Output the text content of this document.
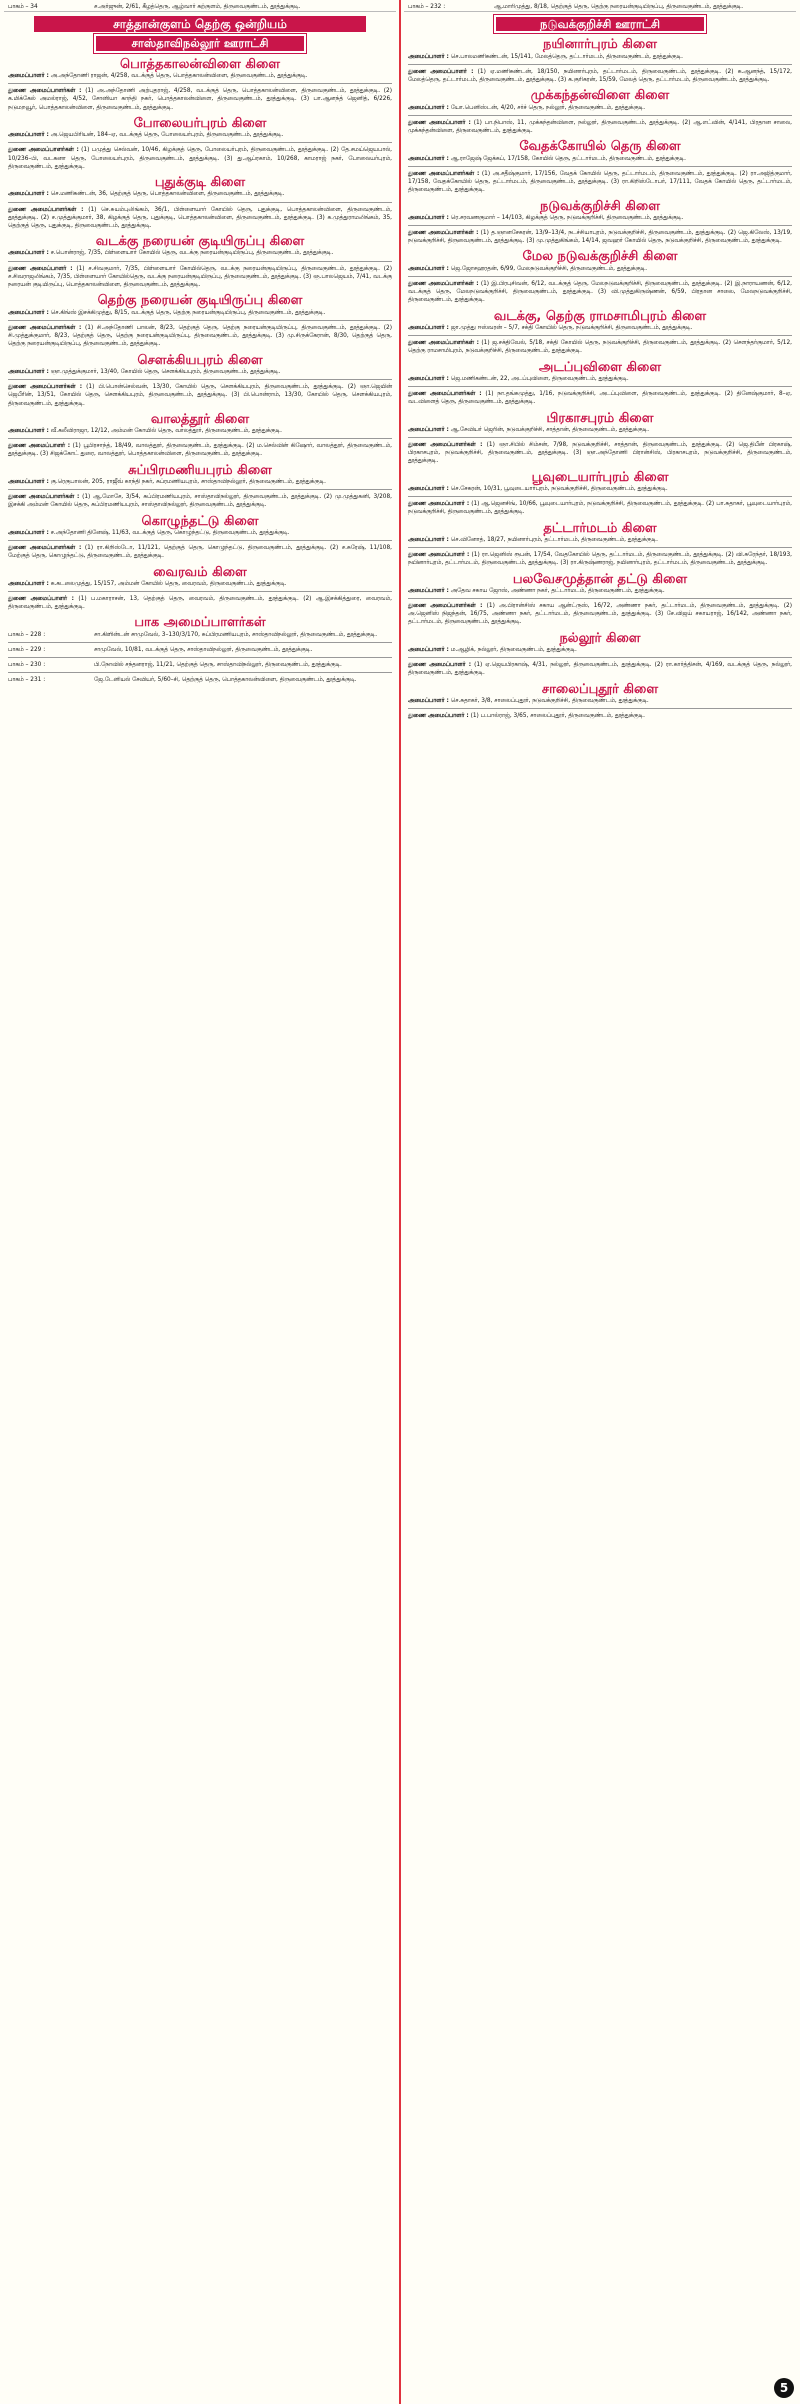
பாகம் – 34	ச.அர்ஜுன், 2/61, கீழத்தெரு, ஆழ்வார் கற்குளம், திருவைகுண்டம், தூத்துக்குடி.
சாத்தான்குளம் தெற்கு ஒன்றியம்
சாஸ்தாவிநல்லூர் ஊராட்சி
பொத்தகாலன்விளை கிளை
அமைப்பாளர் : அ.அந்தோணி ராஜன், 4/258, வடக்குத் தெரு, பொத்தகாலன்விளை, திருவைகுண்டம், தூத்துக்குடி.
துணை அமைப்பாளர்கள் : (1) அ.அந்தோணி அற்புதராஜ், 4/258, வடக்குத் தெரு, பொத்தகாலன்விளை, திருவைகுண்டம், தூத்துக்குடி. (2) க.மிக்கேல் அமல்ராஜ், 4/52, சோனியா காந்தி நகர், பொத்தகாலன்விளை, திருவைகுண்டம், தூத்துக்குடி. (3) பா.ஆனந்த் ஜெனித், 6/226, நடுமறவூர், பொத்தகாலன்விளை, திருவைகுண்டம், தூத்துக்குடி.
போலையர்புரம் கிளை
அமைப்பாளர் : அ.ஜெயபிரியன், 184–ஏ, வடக்குத் தெரு, போலையர்புரம், திருவைகுண்டம், தூத்துக்குடி.
துணை அமைப்பாளர்கள் : (1) பமுத்து செல்வன், 10/46, கிழக்குத் தெரு, போலையர்புரம், திருவைகுண்டம், தூத்துக்குடி. (2) தே.சமய்ஜெயபால், 10/236–பி, வடகனா தெரு, போலையர்புரம், திருவைகுண்டம், தூத்துக்குடி. (3) து.ஆப்ரகாம், 10/268, காமராஜ் நகர், போலையர்புரம், திருவைகுண்டம், தூத்துக்குடி.
புதுக்குடி கிளை
அமைப்பாளர் : செ.மணிகண்டன், 36, தெற்குத் தெரு, பொத்தகாலன்விளை, திருவைகுண்டம், தூத்துக்குடி.
துணை அமைப்பாளர்கள் : (1) செ.சுயம்புலிங்கம், 36/1, பிள்ளையார் கோயில் தெரு, புதுக்குடி, பொத்தகாலன்விளை, திருவைகுண்டம், தூத்துக்குடி. (2) ச.முத்துக்குமார், 38, கிழக்குத் தெரு, புதுக்குடி, பொத்தகாலன்விளை, திருவைகுண்டம், தூத்துக்குடி. (3) க.முத்துராமலிங்கம், 35, தெற்குத் தெரு, புதுக்குடி, திருவைகுண்டம், தூத்துக்குடி.
வடக்கு நரையன் குடியிருப்பு கிளை
அமைப்பாளர் : ச.பொன்ராஜ், 7/35, பிள்ளையார் கோயில் தெரு, வடக்கு நரையன்குடியிருப்பு, திருவைகுண்டம், தூத்துக்குடி.
துணை அமைப்பாளர் : (1) ச.சிவகுமார், 7/35, பிள்ளையார் கோயில்தெரு, வடக்கு நரையன்குடியிருப்பு, திருவைகுண்டம், தூத்துக்குடி. (2) ச.சிவராஜலிங்கம், 7/35, பிள்ளையார் கோயில்தெரு, வடக்கு நரையன்குடியிருப்பு, திருவைகுண்டம், தூத்துக்குடி. (3) ஞ.பாலஜெயம், 7/41, வடக்கு நரையன் குடியிருப்பு, பொத்தகாலன்விளை, திருவைகுண்டம், தூத்துக்குடி.
தெற்கு நரையன் குடியிருப்பு கிளை
அமைப்பாளர் : செ.கிங்ஸ் இசக்கிமுத்து, 8/15, வடக்குத் தெரு, தெற்கு நரையன்குடியிருப்பு, திருவைகுண்டம், தூத்துக்குடி.
துணை அமைப்பாளர்கள் : (1) சி.அந்தோணி பாலன், 8/23, தெற்குத் தெரு, தெற்கு நரையன்குடியிருப்பு, திருவைகுண்டம், தூத்துக்குடி. (2) சி.முத்துக்குமார், 8/23, தெற்குத் தெரு, தெற்கு நரையன்குடியிருப்பு, திருவைகுண்டம், தூத்துக்குடி. (3) மு.சிருக்கேரான், 8/30, தெற்குத் தெரு, தெற்கு நரையன்குடியிருப்பு, திருவைகுண்டம், தூத்துக்குடி.
சௌக்கியபுரம் கிளை
அமைப்பாளர் : ஞா.முத்துக்குமார், 13/40, கோயில் தெரு, சௌக்கியபுரம், திருவைகுண்டம், தூத்துக்குடி.
துணை அமைப்பாளர்கள் : (1) பி.பொன்செல்வன், 13/30, கோயில் தெரு, சௌக்கியபுரம், திருவைகுண்டம், தூத்துக்குடி. (2) ஞா.ஜெயின் ஜெபீரின், 13/51, கோயில் தெரு, சௌக்கியபுரம், திருவைகுண்டம், தூத்துக்குடி. (3) பி.பொன்ராம், 13/30, கோயில் தெரு, சௌக்கியபுரம், திருவைகுண்டம், தூத்துக்குடி.
வாலத்தூர் கிளை
அமைப்பாளர் : வீ.கலீவிராஜா, 12/12, அம்மன் கோயில் தெரு, வாலத்தூர், திருவைகுண்டம், தூத்துக்குடி.
துணை அமைப்பாளர் : (1) பூபிரசாந்த், 18/49, வாலத்தூர், திருவைகுண்டம், தூத்துக்குடி. (2) ம.செல்வின் கிஷோர், வாலத்தூர், திருவைகுண்டம், தூத்துக்குடி. (3) சிஜக்கோட் துரை, வாலத்தூர், பொத்தகாலன்விளை, திருவைகுண்டம், தூத்துக்குடி.
சுப்பிரமணியபுரம் கிளை
அமைப்பாளர் : கு.ரெகுபாலன், 205, ராஜீவ் காந்தி நகர், சுப்ரமணியபுரம், சாஸ்தாவிநல்லூர், திருவைகுண்டம், தூத்துக்குடி.
துணை அமைப்பாளர்கள் : (1) ஆ.மோசே, 3/54, சுப்பிரமணியபுரம், சாஸ்தாவிநல்லூர், திருவைகுண்டம், தூத்துக்குடி. (2) மு.முத்துகனி, 3/208, இசக்கி அம்மன் கோயில் தெரு, சுப்பிரமணியபுரம், சாஸ்தாவிநல்லூர், திருவைகுண்டம், தூத்துக்குடி.
கொழுந்தட்டு கிளை
அமைப்பாளர் : ச.அந்தோணி தினேஷ், 11/63, வடக்குத் தெரு, கொழுந்தட்டு, திருவைகுண்டம், தூத்துக்குடி.
துணை அமைப்பாளர்கள் : (1) ரா.கிறிஸ்டோ, 11/121, தெற்குத் தெரு, கொழுந்தட்டு, திருவைகுண்டம், தூத்துக்குடி. (2) ச.சுரேஷ், 11/108, மேற்குத் தெரு, கொழுந்தட்டு, திருவைகுண்டம், தூத்துக்குடி.
வைரவம் கிளை
அமைப்பாளர் : க.கடலைமுத்து, 15/157, அம்மன் கோயில் தெரு, வைரவம், திருவைகுண்டம், தூத்துக்குடி.
துணை அமைப்பாளர் : (1) ப.மகாராசன், 13, தெற்குத் தெரு, வைரவம், திருவைகுண்டம், தூத்துக்குடி. (2) ஆ.இசக்கித்துரை, வைரவம், திருவைகுண்டம், தூத்துக்குடி.
பாக அமைப்பாளர்கள்
பாகம் – 228 :	சா.கிளின்டன் சாமுவேல், 3–130/3/170, சுப்பிரமணியபுரம், சாஸ்தாவிநல்லூர், திருவைகுண்டம், தூத்துக்குடி.
பாகம் – 229 :	சாமுவேல், 10/81, வடக்குத் தெரு, சாஸ்தாவிநல்லூர், திருவைகுண்டம், தூத்துக்குடி.
பாகம் – 230 :	பி.நோவில் சந்தனராஜ், 11/21, தெற்குத் தெரு, சாஸ்தாவிநல்லூர், திருவைகுண்டம், தூத்துக்குடி.
பாகம் – 231 :	ஜே.டேனியல் சேவியர், 5/60–சி, தெற்குத் தெரு, பொத்தகாலன்விளை, திருவைகுண்டம், தூத்துக்குடி.
பாகம் – 232 :	ஆ.மாரிமுத்து, 8/18, தெற்குத் தெரு, தெற்கு நரையன்குடியிருப்பு, திருவைகுண்டம், தூத்துக்குடி.
நடுவக்குறிச்சி ஊராட்சி
நயினார்புரம் கிளை
அமைப்பாளர் : செ.பாலமணிகண்டன், 15/141, மேலத்தெரு, தட்டார்மடம், திருவைகுண்டம், தூத்துக்குடி.
துணை அமைப்பாளர் : (1) ஏ.மணிகண்டன், 18/150, நயினார்புரம், தட்டார்மடம், திருவைகுண்டம், தூத்துக்குடி. (2) க.ஆனந்த், 15/172, மேலத்தெரு, தட்டார்மடம், திருவைகுண்டம், தூத்துக்குடி. (3) க.குரிகரன், 15/59, மேலத் தெரு, தட்டார்மடம், திருவைகுண்டம், தூத்துக்குடி.
முக்கந்தன்விளை கிளை
அமைப்பாளர் : யோ.பெனிஸ்டன், 4/20, சர்ச் தெரு, நல்லூர், திருவைகுண்டம், தூத்துக்குடி.
துணை அமைப்பாளர் : (1) பா.நிபாஸ், 11, முக்கந்தன்விளை, நல்லூர், திருவைகுண்டம், தூத்துக்குடி. (2) ஆ.எட்வின், 4/141, பிரதான சாலை, முக்கந்தன்விளை, திருவைகுண்டம், தூத்துக்குடி.
வேதக்கோயில் தெரு கிளை
அமைப்பாளர் : ஆ.ராஜேஷ் ஜேக்கப், 17/158, கோயில் தெரு, தட்டார்மடம், திருவைகுண்டம், தூத்துக்குடி.
துணை அமைப்பாளர்கள் : (1) அ.சதீஷ்குமார், 17/156, வேதக் கோயில் தெரு, தட்டார்மடம், திருவைகுண்டம், தூத்துக்குடி. (2) ரா.அஜித்குமார், 17/158, வேதக்கோயில் தெரு, தட்டார்மடம், திருவைகுண்டம், தூத்துக்குடி. (3) ரா.கிறிஸ்டோபர், 17/111, வேதக் கோயில் தெரு, தட்டார்மடம், திருவைகுண்டம், தூத்துக்குடி.
நடுவக்குறிச்சி கிளை
அமைப்பாளர் : ரெ.சரவணகுமார் – 14/103, கிழக்குத் தெரு, நடுவக்குறிச்சி, திருவைகுண்டம், தூத்துக்குடி.
துணை அமைப்பாளர்கள் : (1) த.ஞானசேகரன், 13/9–13/4, நடச்சியாபுரம், நடுவக்குறிச்சி, திருவைகுண்டம், தூத்துக்குடி. (2) ஜெ.கிலேஸ், 13/19, நடுவக்குறிச்சி, திருவைகுண்டம், தூத்துக்குடி. (3) மு.முத்துகிங்கம், 14/14, ஜவஹர் கோயில் தெரு, நடுவக்குறிச்சி, திருவைகுண்டம், தூத்துக்குடி.
மேல நடுவக்குறிச்சி கிளை
அமைப்பாளர் : ஜெ.ஜோசஹரதன், 6/99, மேலநடுவக்குறிச்சி, திருவைகுண்டம், தூத்துக்குடி.
துணை அமைப்பாளர்கள் : (1) இ.பிரபுசிவன், 6/12, வடக்குத் தெரு, மேலநடுவக்குறிச்சி, திருவைகுண்டம், தூத்துக்குடி. (2) இ.நாராயணன், 6/12, வடக்குத் தெரு, மேலநடுவக்குறிச்சி, திருவைகுண்டம், தூத்துக்குடி. (3) வி.முத்துகிருஷ்ணன், 6/59, பிரதான சாலை, மேலநடுவக்குறிச்சி, திருவைகுண்டம், தூத்துக்குடி.
வடக்கு, தெற்கு ராமசாமிபுரம் கிளை
அமைப்பாளர் : ஜா.முத்து ஈஸ்வரன் – 5/7, சக்தி கோயில் தெரு, நடுவக்குறிச்சி, திருவைகுண்டம், தூத்துக்குடி.
துணை அமைப்பாளர்கள் : (1) ஜ.சக்திவேல், 5/18, சக்தி கோயில் தெரு, நடுவக்குறிச்சி, திருவைகுண்டம், தூத்துக்குடி. (2) செளந்தர்குமார், 5/12, தெற்கு ராமசாமிபுரம், நடுவக்குறிச்சி, திருவைகுண்டம், தூத்துக்குடி.
அடப்புவிளை கிளை
அமைப்பாளர் : ஜெ.மணிகண்டன், 22, அடப்புவிளை, திருவைகுண்டம், தூத்துக்குடி.
துணை அமைப்பாளர்கள் : (1) நா.தங்கமுத்து, 1/16, நடுவக்குறிச்சி, அடப்புவிளை, திருவைகுண்டம், தூத்துக்குடி. (2) தினேஷ்குமார், 8–ஏ, வடவிளைத் தெரு, திருவைகுண்டம், தூத்துக்குடி.
பிரகாசபுரம் கிளை
அமைப்பாளர் : ஆ.சேவியர் ஜெரின், நடுவக்குறிச்சி, சாத்தான், திருவைகுண்டம், தூத்துக்குடி.
துணை அமைப்பாளர்கள் : (1) ஞா.சிபில் சிம்சன், 7/98, நடுவக்குறிச்சி, சாத்தான், திருவைகுண்டம், தூத்துக்குடி. (2) ஜெ.திபீன் பிரகாஷ், பிரகாசபுரம், நடுவக்குறிச்சி, திருவைகுண்டம், தூத்துக்குடி. (3) ஞா.அந்தோணி பிரான்சிஸ், பிரகாசபுரம், நடுவக்குறிச்சி, திருவைகுண்டம், தூத்துக்குடி.
பூவுடையார்புரம் கிளை
அமைப்பாளர் : செ.சேகரன், 10/31, பூவுடையார்புரம், நடுவக்குறிச்சி, திருவைகுண்டம், தூத்துக்குடி.
துணை அமைப்பாளர் : (1) ஆ.ஜெனசிங், 10/66, பூவுடையார்புரம், நடுவக்குறிச்சி, திருவைகுண்டம், தூத்துக்குடி. (2) பா.சுதாகர், பூவுடையார்புரம், நடுவக்குறிச்சி, திருவைகுண்டம், தூத்துக்குடி.
தட்டார்மடம் கிளை
அமைப்பாளர் : செ.வினோத், 18/27, நயினார்புரம், தட்டார்மடம், திருவைகுண்டம், தூத்துக்குடி.
துணை அமைப்பாளர் : (1) ரா.ஜெனிஸ் ரூபன், 17/54, வேதகோயில் தெரு, தட்டார்மடம், திருவைகுண்டம், தூத்துக்குடி. (2) வி.சுரேந்தர், 18/193, நயினார்புரம், தட்டார்மடம், திருவைகுண்டம், தூத்துக்குடி. (3) ரா.கிருஷ்ணராஜ், நயினார்புரம், தட்டார்மடம், திருவைகுண்டம், தூத்துக்குடி.
பலவேசமுத்தான் தட்டு கிளை
அமைப்பாளர் : அதேவ சகாய ஜோஸ், அண்ணா நகர், தட்டார்மடம், திருவைகுண்டம், தூத்துக்குடி.
துணை அமைப்பாளர்கள் : (1) அ.பிரான்சிஸ் சகாய ஆன்ட்ருஸ், 16/72, அண்ணா நகர், தட்டார்மடம், திருவைகுண்டம், தூத்துக்குடி. (2) அ.ஜெனிஸ் நிஜந்தன், 16/75, அண்ணா நகர், தட்டார்மடம், திருவைகுண்டம், தூத்துக்குடி. (3) சே.விஜய் சகாயராஜ், 16/142, அண்ணா நகர், தட்டார்மடம், திருவைகுண்டம், தூத்துக்குடி.
நல்லூர் கிளை
அமைப்பாளர் : ம.ஆழிக், நல்லூர், திருவைகுண்டம், தூத்துக்குடி.
துணை அமைப்பாளர் : (1) ஏ.ஜெயபிரகாஷ், 4/31, நல்லூர், திருவைகுண்டம், தூத்துக்குடி. (2) ரா.கார்த்திசன், 4/169, வடக்குத் தெரு, நல்லூர், திருவைகுண்டம், தூத்துக்குடி.
சாலைப்புதூர் கிளை
அமைப்பாளர் : செ.சுதாகர், 3/8, சாலைப்புதூர், நடுவக்குறிச்சி, திருவைகுண்டம், தூத்துக்குடி.
துணை அமைப்பாளர் : (1) ப.பால்ராஜ், 3/65, சாலைப்புதூர், திருவைகுண்டம், தூத்துக்குடி.
5
